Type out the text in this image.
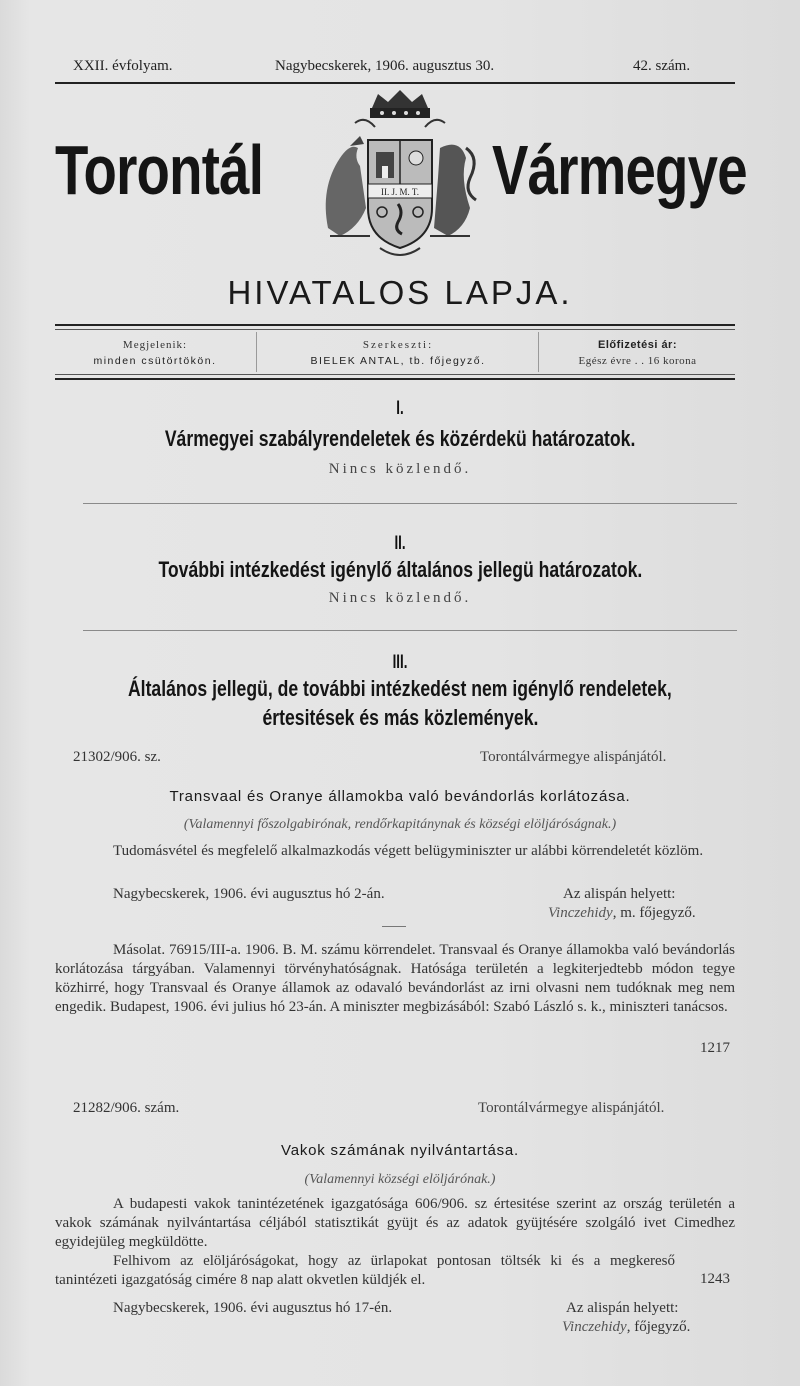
XXII. évfolyam.	Nagybecskerek, 1906. augusztus 30.	42. szám.
Torontál	Vármegye
II. J. M. T.
HIVATALOS LAPJA.
Megjelenik:
minden csütörtökön.
Szerkeszti:
BIELEK ANTAL, tb. főjegyző.
Előfizetési ár:
Egész évre . . 16 korona
I.
Vármegyei szabályrendeletek és közérdekü határozatok.
Nincs közlendő.
II.
További intézkedést igénylő általános jellegü határozatok.
Nincs közlendő.
III.
Általános jellegü, de további intézkedést nem igénylő rendeletek,
értesitések és más közlemények.
21302/906. sz.	Torontálvármegye alispánjától.
Transvaal és Oranye államokba való bevándorlás korlátozása.
(Valamennyi főszolgabirónak, rendőrkapitánynak és községi elöljáróságnak.)

Tudomásvétel és megfelelő alkalmazkodás végett belügyminiszter ur alábbi körrendeletét közlöm.

Nagybecskerek, 1906. évi augusztus hó 2-án.	Az alispán helyett:
Vinczehidy, m. főjegyző.

Másolat. 76915/III-a. 1906. B. M. számu körrendelet. Transvaal és Oranye államokba való bevándorlás korlátozása tárgyában. Valamennyi törvényhatóságnak. Hatósága területén a legkiterjedtebb módon tegye közhirré, hogy Transvaal és Oranye államok az odavaló bevándorlást az irni olvasni nem tudóknak meg nem engedik. Budapest, 1906. évi julius hó 23-án. A miniszter megbizásából: Szabó László s. k., miniszteri tanácsos.

1217
21282/906. szám.	Torontálvármegye alispánjától.
Vakok számának nyilvántartása.
(Valamennyi községi elöljárónak.)

A budapesti vakok tanintézetének igazgatósága 606/906. sz értesitése szerint az ország területén a vakok számának nyilvántartása céljából statisztikát gyüjt és az adatok gyüjtésére szolgáló ivet Cimedhez egyidejüleg megküldötte.

Felhivom az elöljáróságokat, hogy az ürlapokat pontosan töltsék ki és a megkereső tanintézeti igazgatóság cimére 8 nap alatt okvetlen küldjék el.	1243
Nagybecskerek, 1906. évi augusztus hó 17-én.	Az alispán helyett:
Vinczehidy, főjegyző.
